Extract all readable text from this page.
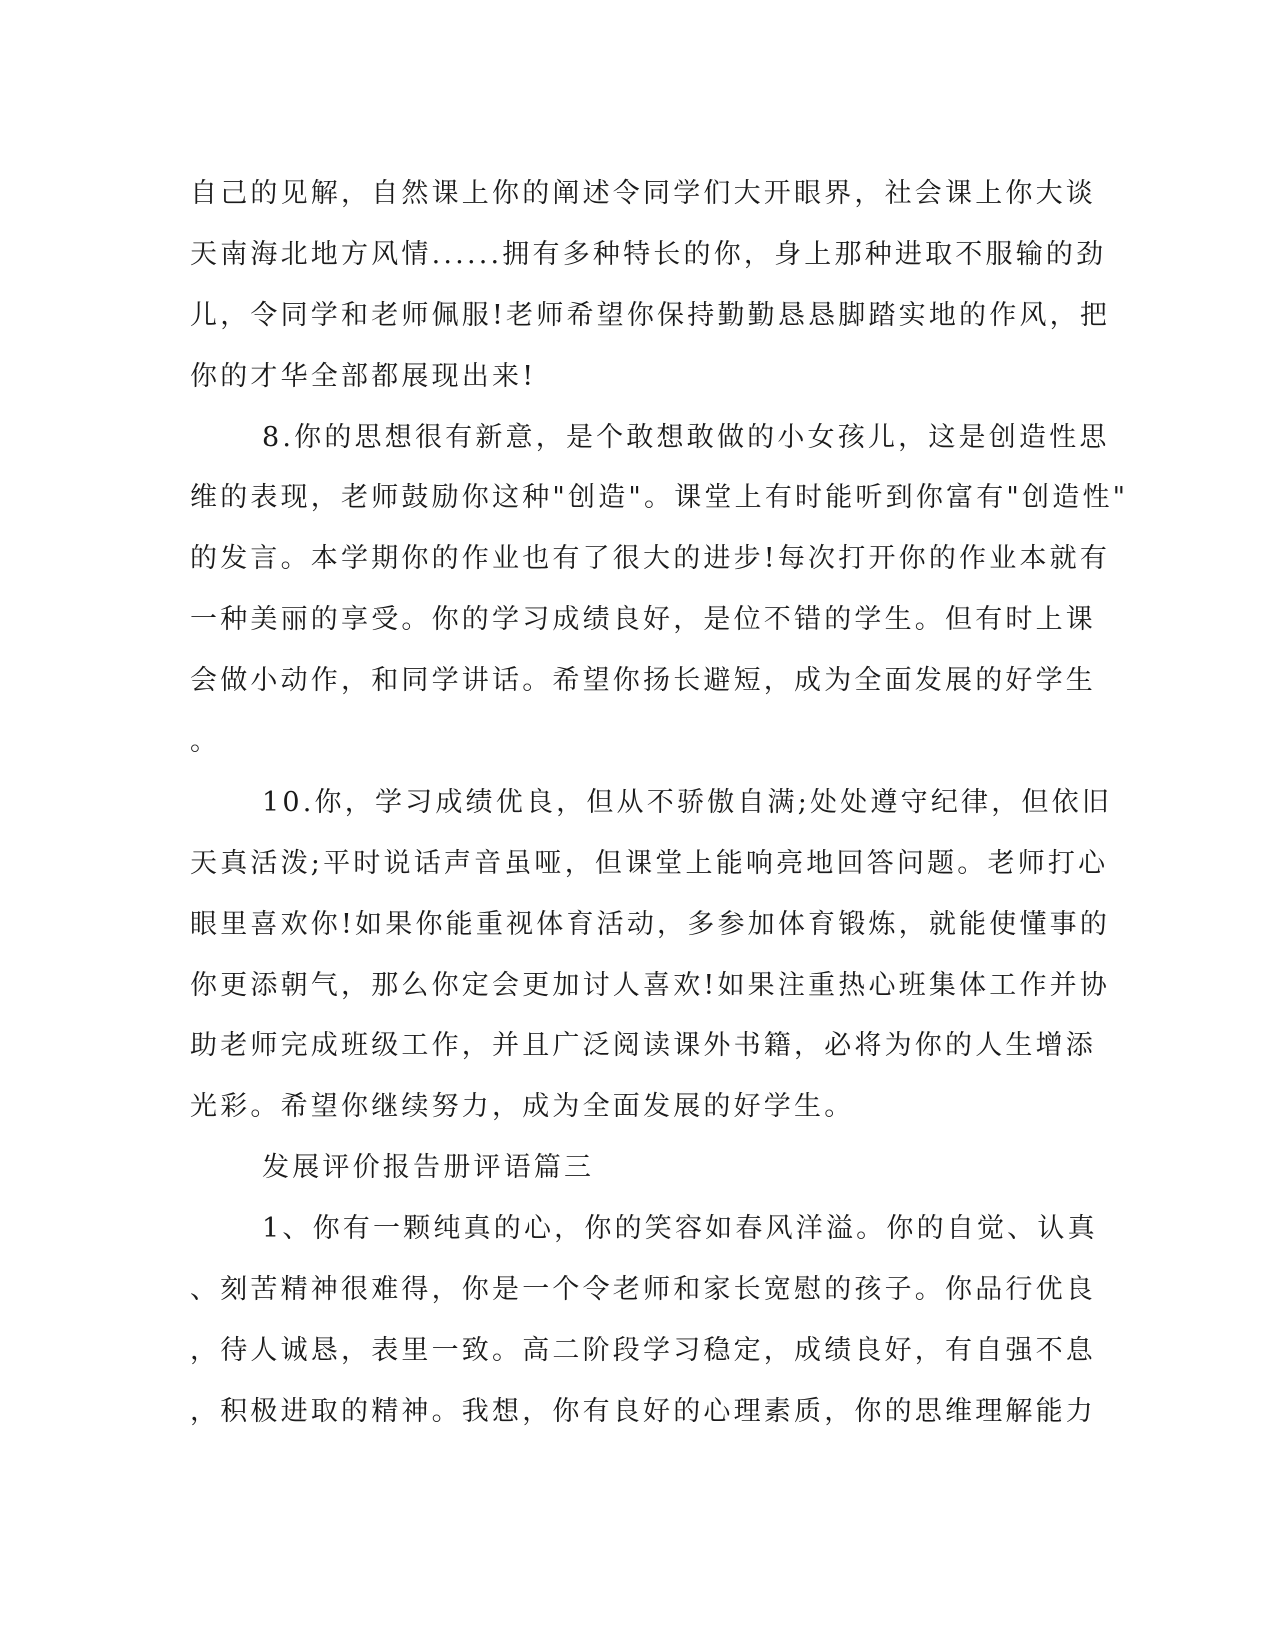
自己的见解，自然课上你的阐述令同学们大开眼界，社会课上你大谈
天南海北地方风情......拥有多种特长的你，身上那种进取不服输的劲
儿，令同学和老师佩服!老师希望你保持勤勤恳恳脚踏实地的作风，把
你的才华全部都展现出来!
8.你的思想很有新意，是个敢想敢做的小女孩儿，这是创造性思
维的表现，老师鼓励你这种"创造"。课堂上有时能听到你富有"创造性"
的发言。本学期你的作业也有了很大的进步!每次打开你的作业本就有
一种美丽的享受。你的学习成绩良好，是位不错的学生。但有时上课
会做小动作，和同学讲话。希望你扬长避短，成为全面发展的好学生
。
10.你，学习成绩优良，但从不骄傲自满;处处遵守纪律，但依旧
天真活泼;平时说话声音虽哑，但课堂上能响亮地回答问题。老师打心
眼里喜欢你!如果你能重视体育活动，多参加体育锻炼，就能使懂事的
你更添朝气，那么你定会更加讨人喜欢!如果注重热心班集体工作并协
助老师完成班级工作，并且广泛阅读课外书籍，必将为你的人生增添
光彩。希望你继续努力，成为全面发展的好学生。
发展评价报告册评语篇三
1、你有一颗纯真的心，你的笑容如春风洋溢。你的自觉、认真
、刻苦精神很难得，你是一个令老师和家长宽慰的孩子。你品行优良
，待人诚恳，表里一致。高二阶段学习稳定，成绩良好，有自强不息
，积极进取的精神。我想，你有良好的心理素质，你的思维理解能力
